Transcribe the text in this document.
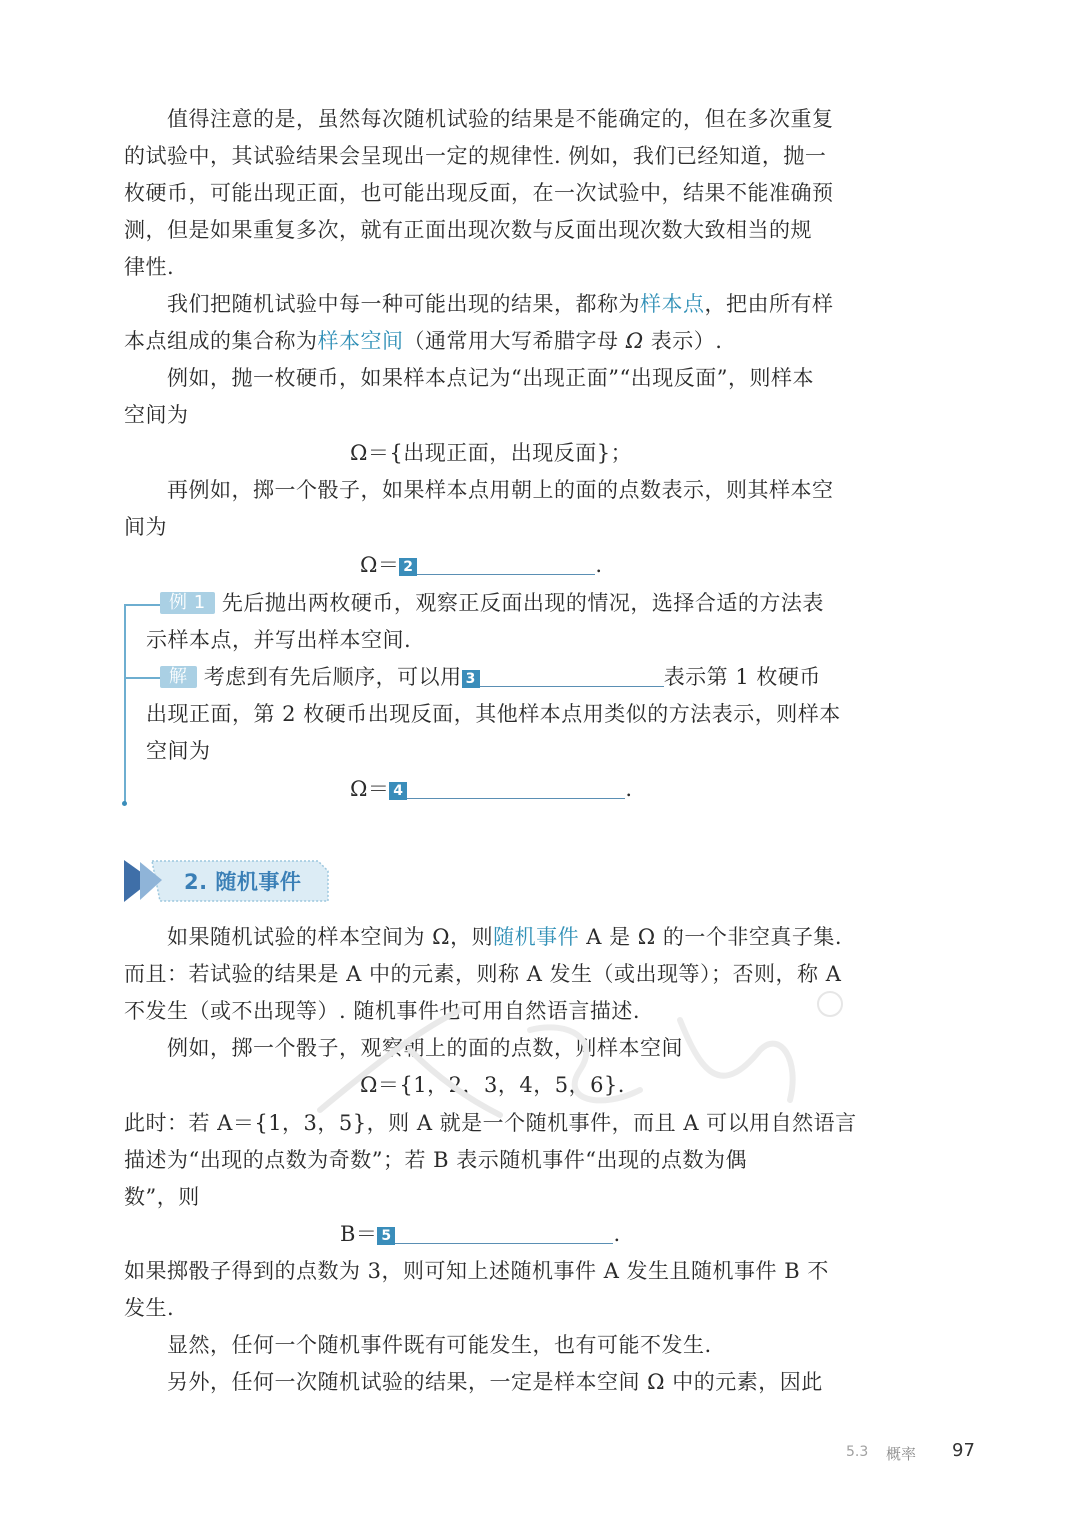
值得注意的是，虽然每次随机试验的结果是不能确定的，但在多次重复
的试验中，其试验结果会呈现出一定的规律性. 例如，我们已经知道，抛一
枚硬币，可能出现正面，也可能出现反面，在一次试验中，结果不能准确预
测，但是如果重复多次，就有正面出现次数与反面出现次数大致相当的规
律性.
我们把随机试验中每一种可能出现的结果，都称为样本点，把由所有样
本点组成的集合称为样本空间（通常用大写希腊字母 Ω 表示）.
例如，抛一枚硬币，如果样本点记为“出现正面”“出现反面”，则样本
空间为
Ω＝{出现正面，出现反面}；
再例如，掷一个骰子，如果样本点用朝上的面的点数表示，则其样本空
间为
Ω＝ 2	.
例 1 先后抛出两枚硬币，观察正反面出现的情况，选择合适的方法表
示样本点，并写出样本空间.
解 考虑到有先后顺序，可以用 3	表示第 1 枚硬币
出现正面，第 2 枚硬币出现反面，其他样本点用类似的方法表示，则样本
空间为
Ω＝ 4	.
2. 随机事件
如果随机试验的样本空间为 Ω，则随机事件 A 是 Ω 的一个非空真子集.
而且：若试验的结果是 A 中的元素，则称 A 发生（或出现等）；否则，称 A
不发生（或不出现等）. 随机事件也可用自然语言描述.
例如，掷一个骰子，观察朝上的面的点数，则样本空间
Ω＝{1，2，3，4，5，6}.
此时：若 A＝{1，3，5}，则 A 就是一个随机事件，而且 A 可以用自然语言
描述为“出现的点数为奇数”；若 B 表示随机事件“出现的点数为偶
数”，则
B＝ 5	.
如果掷骰子得到的点数为 3，则可知上述随机事件 A 发生且随机事件 B 不
发生.
显然，任何一个随机事件既有可能发生，也有可能不发生.
另外，任何一次随机试验的结果，一定是样本空间 Ω 中的元素，因此
5.3 概率 97
